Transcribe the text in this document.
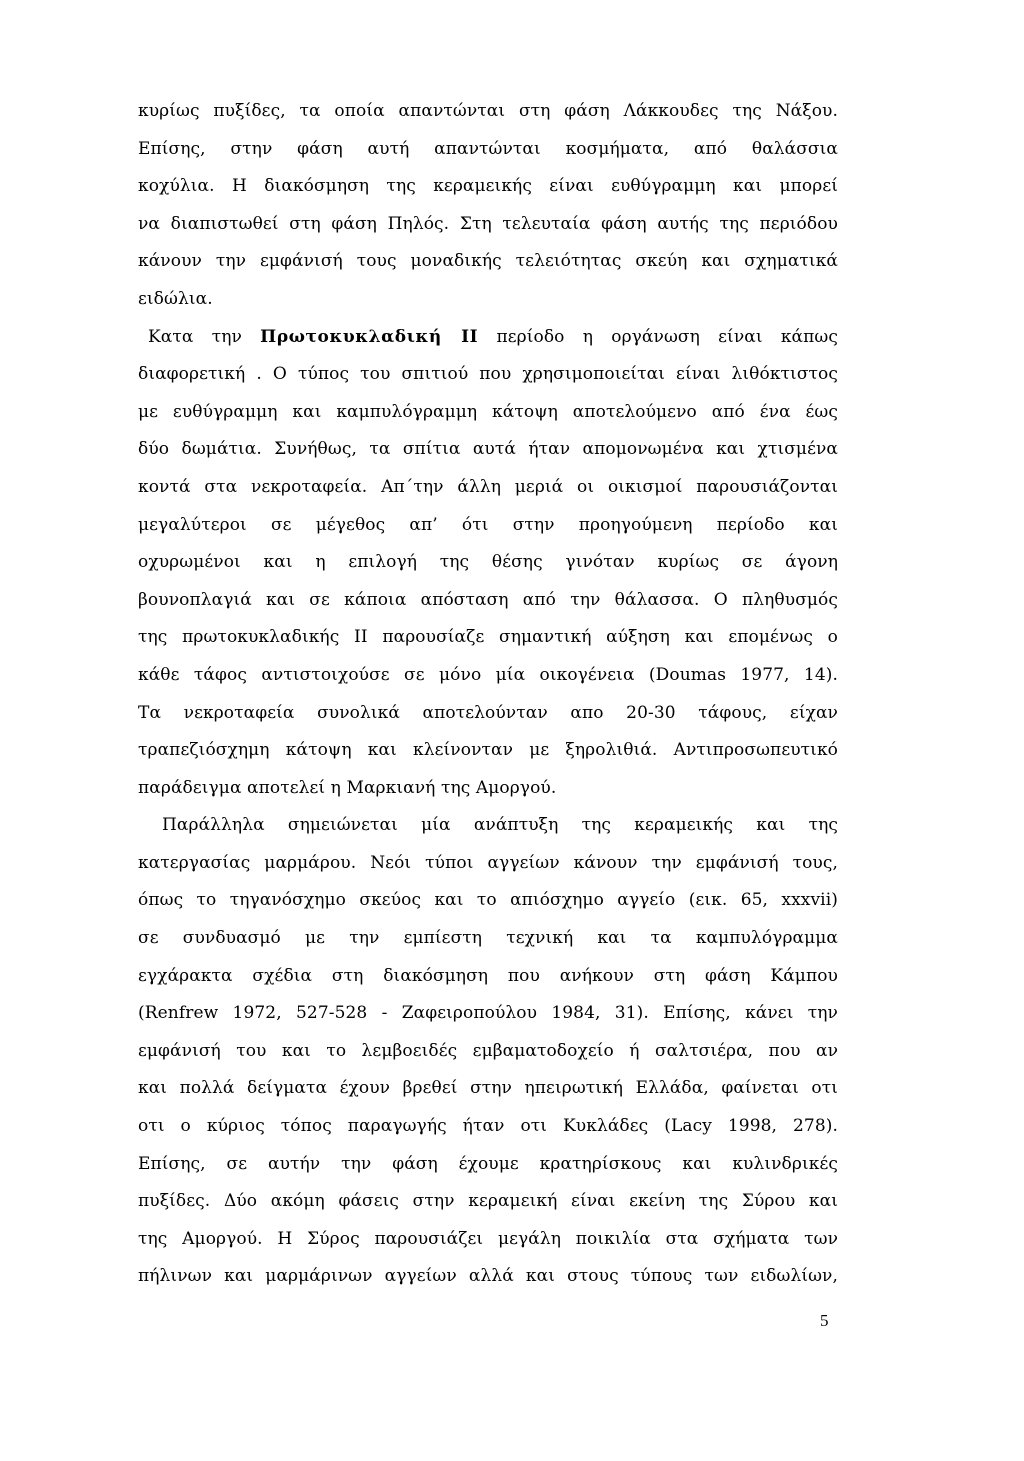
κυρίως πυξίδες, τα οποία απαντώνται στη φάση Λάκκουδες της Νάξου.
Επίσης, στην φάση αυτή απαντώνται κοσμήματα, από θαλάσσια
κοχύλια. Η διακόσμηση της κεραμεικής είναι ευθύγραμμη και μπορεί
να διαπιστωθεί στη φάση Πηλός. Στη τελευταία φάση αυτής της περιόδου
κάνουν την εμφάνισή τους μοναδικής τελειότητας σκεύη και σχηματικά
ειδώλια.
Κατα την Πρωτοκυκλαδική ΙΙ περίοδο η οργάνωση είναι κάπως
διαφορετική . Ο τύπος του σπιτιού που χρησιμοποιείται είναι λιθόκτιστος
με ευθύγραμμη και καμπυλόγραμμη κάτοψη αποτελούμενο από ένα έως
δύο δωμάτια. Συνήθως, τα σπίτια αυτά ήταν απομονωμένα και χτισμένα
κοντά στα νεκροταφεία. Απ΄την άλλη μεριά οι οικισμοί παρουσιάζονται
μεγαλύτεροι σε μέγεθος απ’ ότι στην προηγούμενη περίοδο και
οχυρωμένοι και η επιλογή της θέσης γινόταν κυρίως σε άγονη
βουνοπλαγιά και σε κάποια απόσταση από την θάλασσα. Ο πληθυσμός
της πρωτοκυκλαδικής ΙΙ παρουσίαζε σημαντική αύξηση και επομένως ο
κάθε τάφος αντιστοιχούσε σε μόνο μία οικογένεια (Doumas 1977, 14).
Τα νεκροταφεία συνολικά αποτελούνταν απο 20-30 τάφους, είχαν
τραπεζιόσχημη κάτοψη και κλείνονταν με ξηρολιθιά. Αντιπροσωπευτικό
παράδειγμα αποτελεί η Μαρκιανή της Αμοργού.
Παράλληλα σημειώνεται μία ανάπτυξη της κεραμεικής και της
κατεργασίας μαρμάρου. Νεόι τύποι αγγείων κάνουν την εμφάνισή τους,
όπως το τηγανόσχημο σκεύος και το απιόσχημο αγγείο (εικ. 65, xxxvii)
σε συνδυασμό με την εμπίεστη τεχνική και τα καμπυλόγραμμα
εγχάρακτα σχέδια στη διακόσμηση που ανήκουν στη φάση Κάμπου
(Renfrew 1972, 527-528 - Ζαφειροπούλου 1984, 31). Επίσης, κάνει την
εμφάνισή του και το λεμβοειδές εμβαματοδοχείο ή σαλτσιέρα, που αν
και πολλά δείγματα έχουν βρεθεί στην ηπειρωτική Ελλάδα, φαίνεται οτι
οτι ο κύριος τόπος παραγωγής ήταν οτι Κυκλάδες (Lacy 1998, 278).
Επίσης, σε αυτήν την φάση έχουμε κρατηρίσκους και κυλινδρικές
πυξίδες. Δύο ακόμη φάσεις στην κεραμεική είναι εκείνη της Σύρου και
της Αμοργού. Η Σύρος παρουσιάζει μεγάλη ποικιλία στα σχήματα των
πήλινων και μαρμάρινων αγγείων αλλά και στους τύπους των ειδωλίων,
5
